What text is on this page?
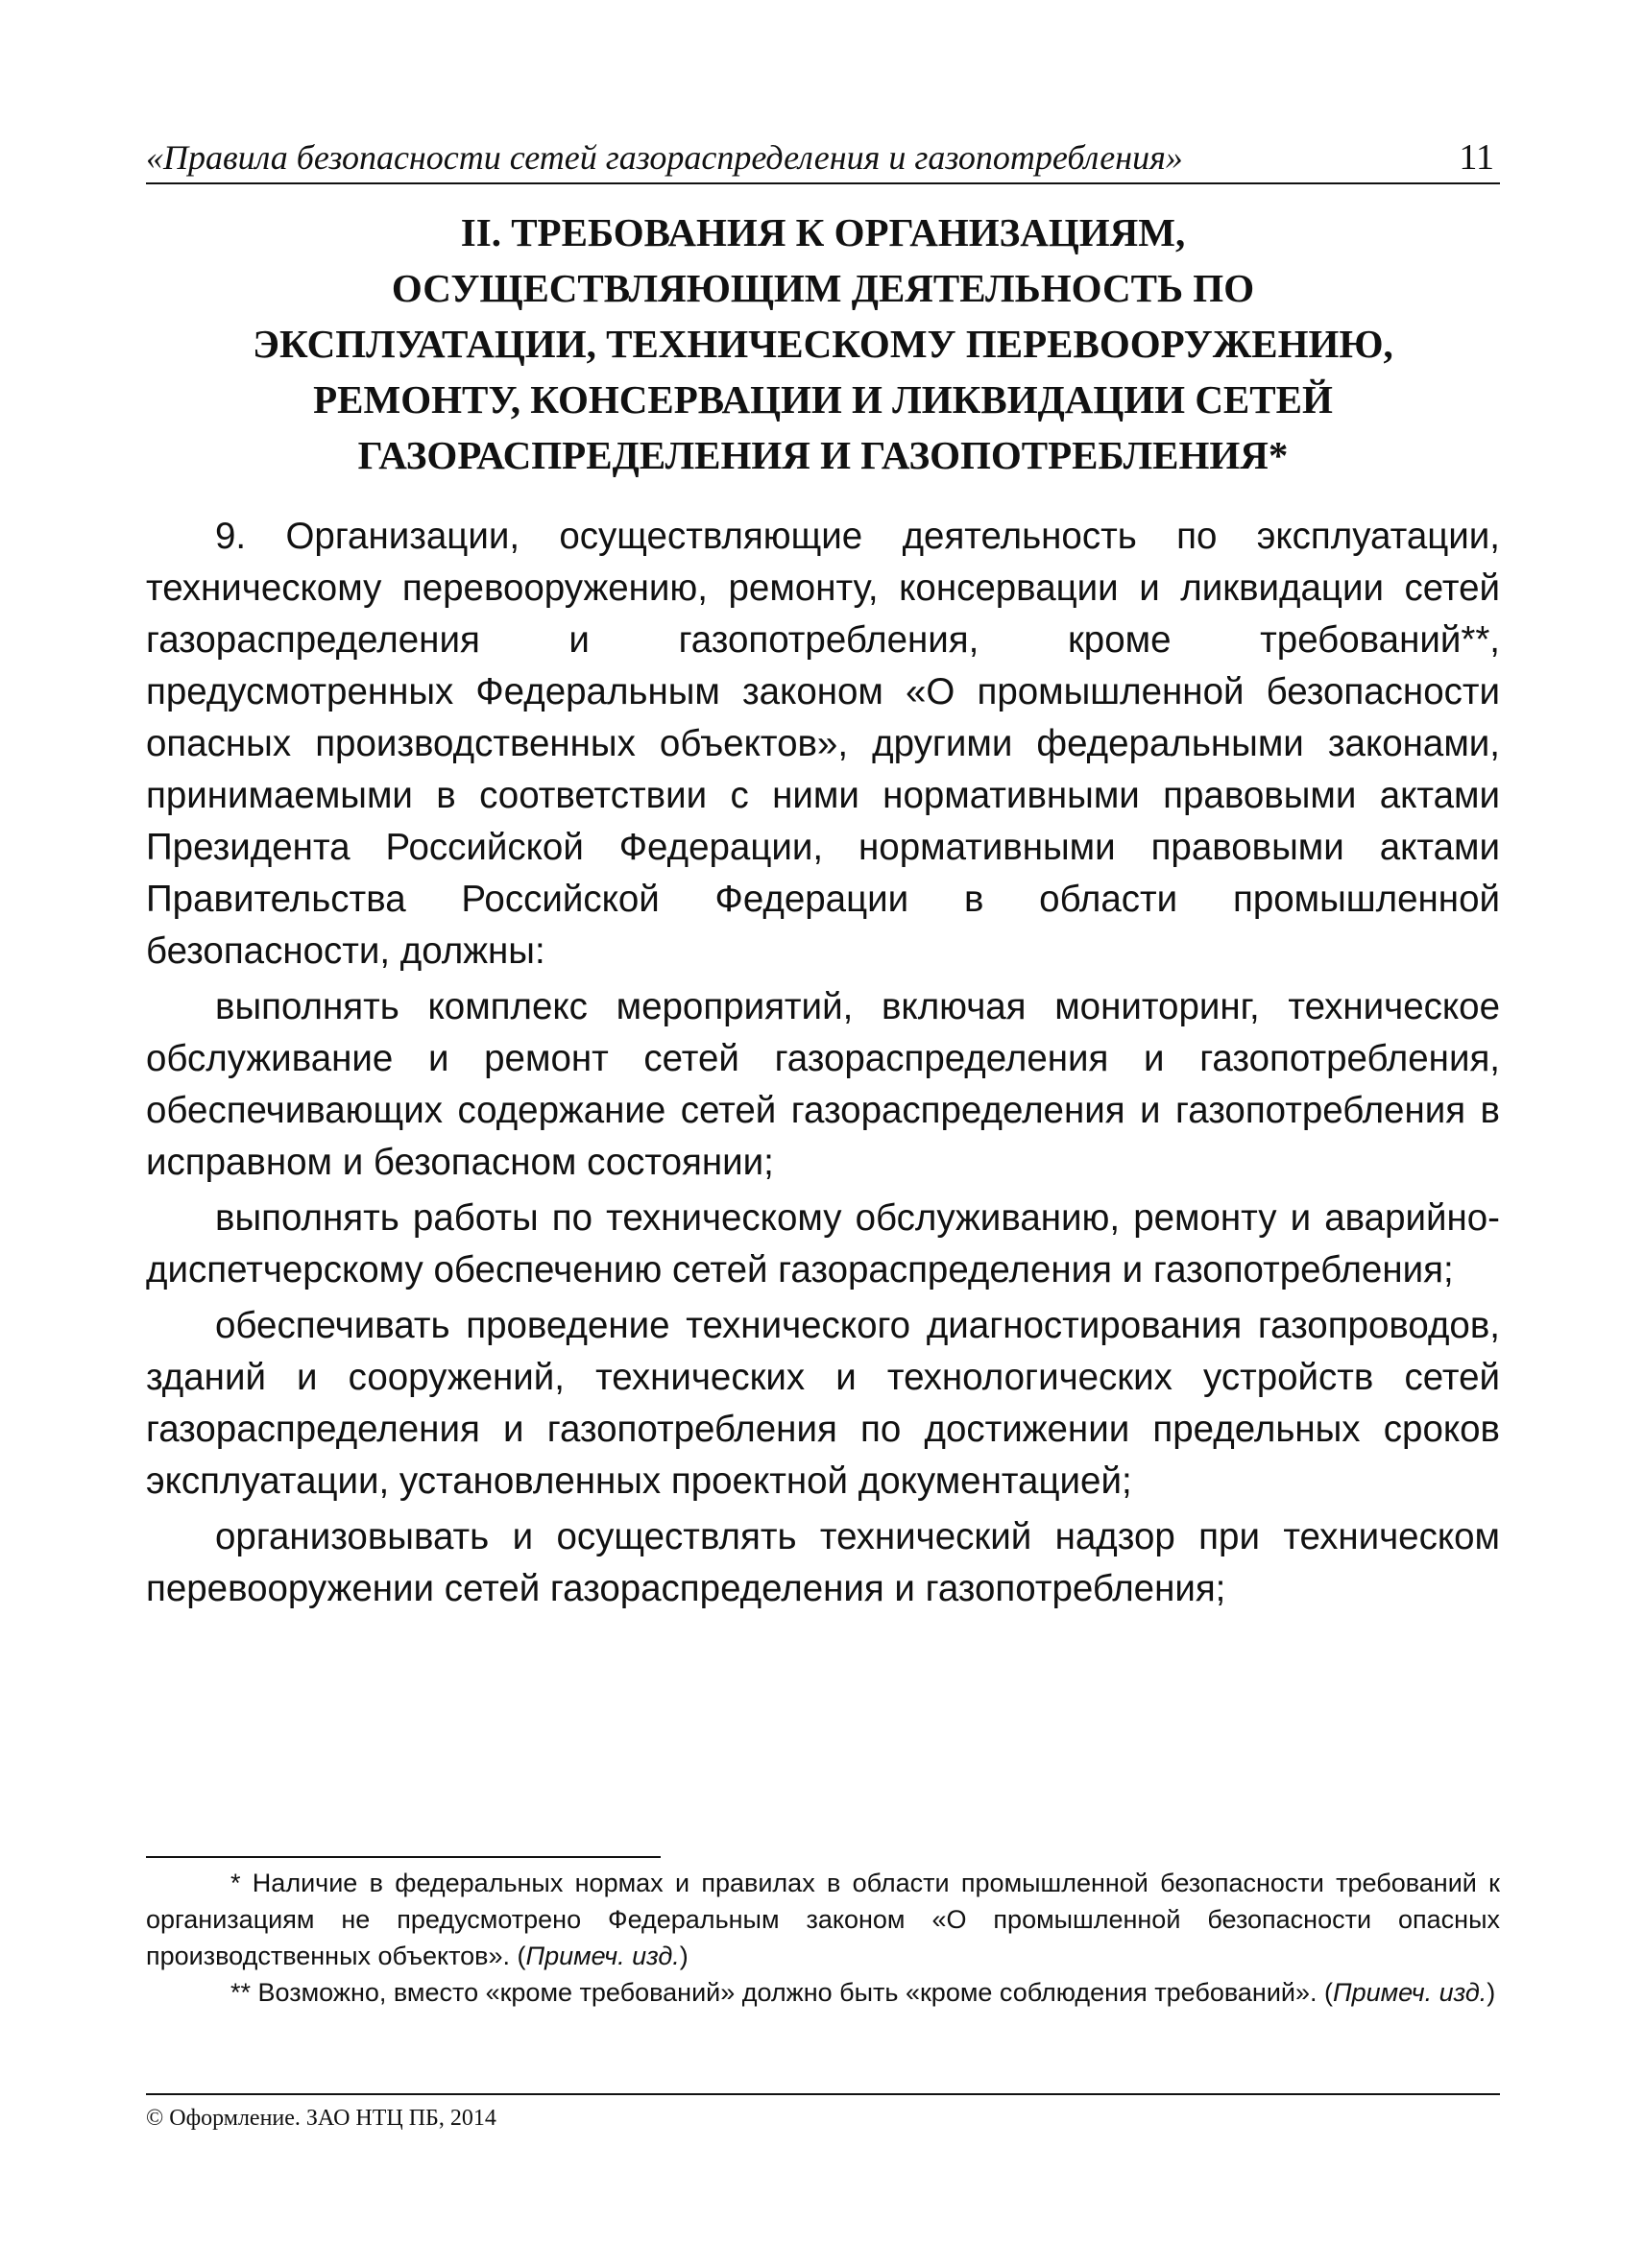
«Правила безопасности сетей газораспределения и газопотребления»	11
II. ТРЕБОВАНИЯ К ОРГАНИЗАЦИЯМ,
ОСУЩЕСТВЛЯЮЩИМ ДЕЯТЕЛЬНОСТЬ ПО
ЭКСПЛУАТАЦИИ, ТЕХНИЧЕСКОМУ ПЕРЕВООРУЖЕНИЮ,
РЕМОНТУ, КОНСЕРВАЦИИ И ЛИКВИДАЦИИ СЕТЕЙ
ГАЗОРАСПРЕДЕЛЕНИЯ И ГАЗОПОТРЕБЛЕНИЯ*

9. Организации, осуществляющие деятельность по эксплуатации, техническому перевооружению, ремонту, консервации и ликвидации сетей газораспределения и газопотребления, кроме требований**, предусмотренных Федеральным законом «О промышленной безопасности опасных производственных объектов», другими федеральными законами, принимаемыми в соответствии с ними нормативными правовыми актами Президента Российской Федерации, нормативными правовыми актами Правительства Российской Федерации в области промышленной безопасности, должны:

выполнять комплекс мероприятий, включая мониторинг, техническое обслуживание и ремонт сетей газораспределения и газопотребления, обеспечивающих содержание сетей газораспределения и газопотребления в исправном и безопасном состоянии;

выполнять работы по техническому обслуживанию, ремонту и аварийно-диспетчерскому обеспечению сетей газораспределения и газопотребления;

обеспечивать проведение технического диагностирования газопроводов, зданий и сооружений, технических и технологических устройств сетей газораспределения и газопотребления по достижении предельных сроков эксплуатации, установленных проектной документацией;

организовывать и осуществлять технический надзор при техническом перевооружении сетей газораспределения и газопотребления;

* Наличие в федеральных нормах и правилах в области промышленной безопасности требований к организациям не предусмотрено Федеральным законом «О промышленной безопасности опасных производственных объектов». (Примеч. изд.)

** Возможно, вместо «кроме требований» должно быть «кроме соблюдения требований». (Примеч. изд.)

© Оформление. ЗАО НТЦ ПБ, 2014
